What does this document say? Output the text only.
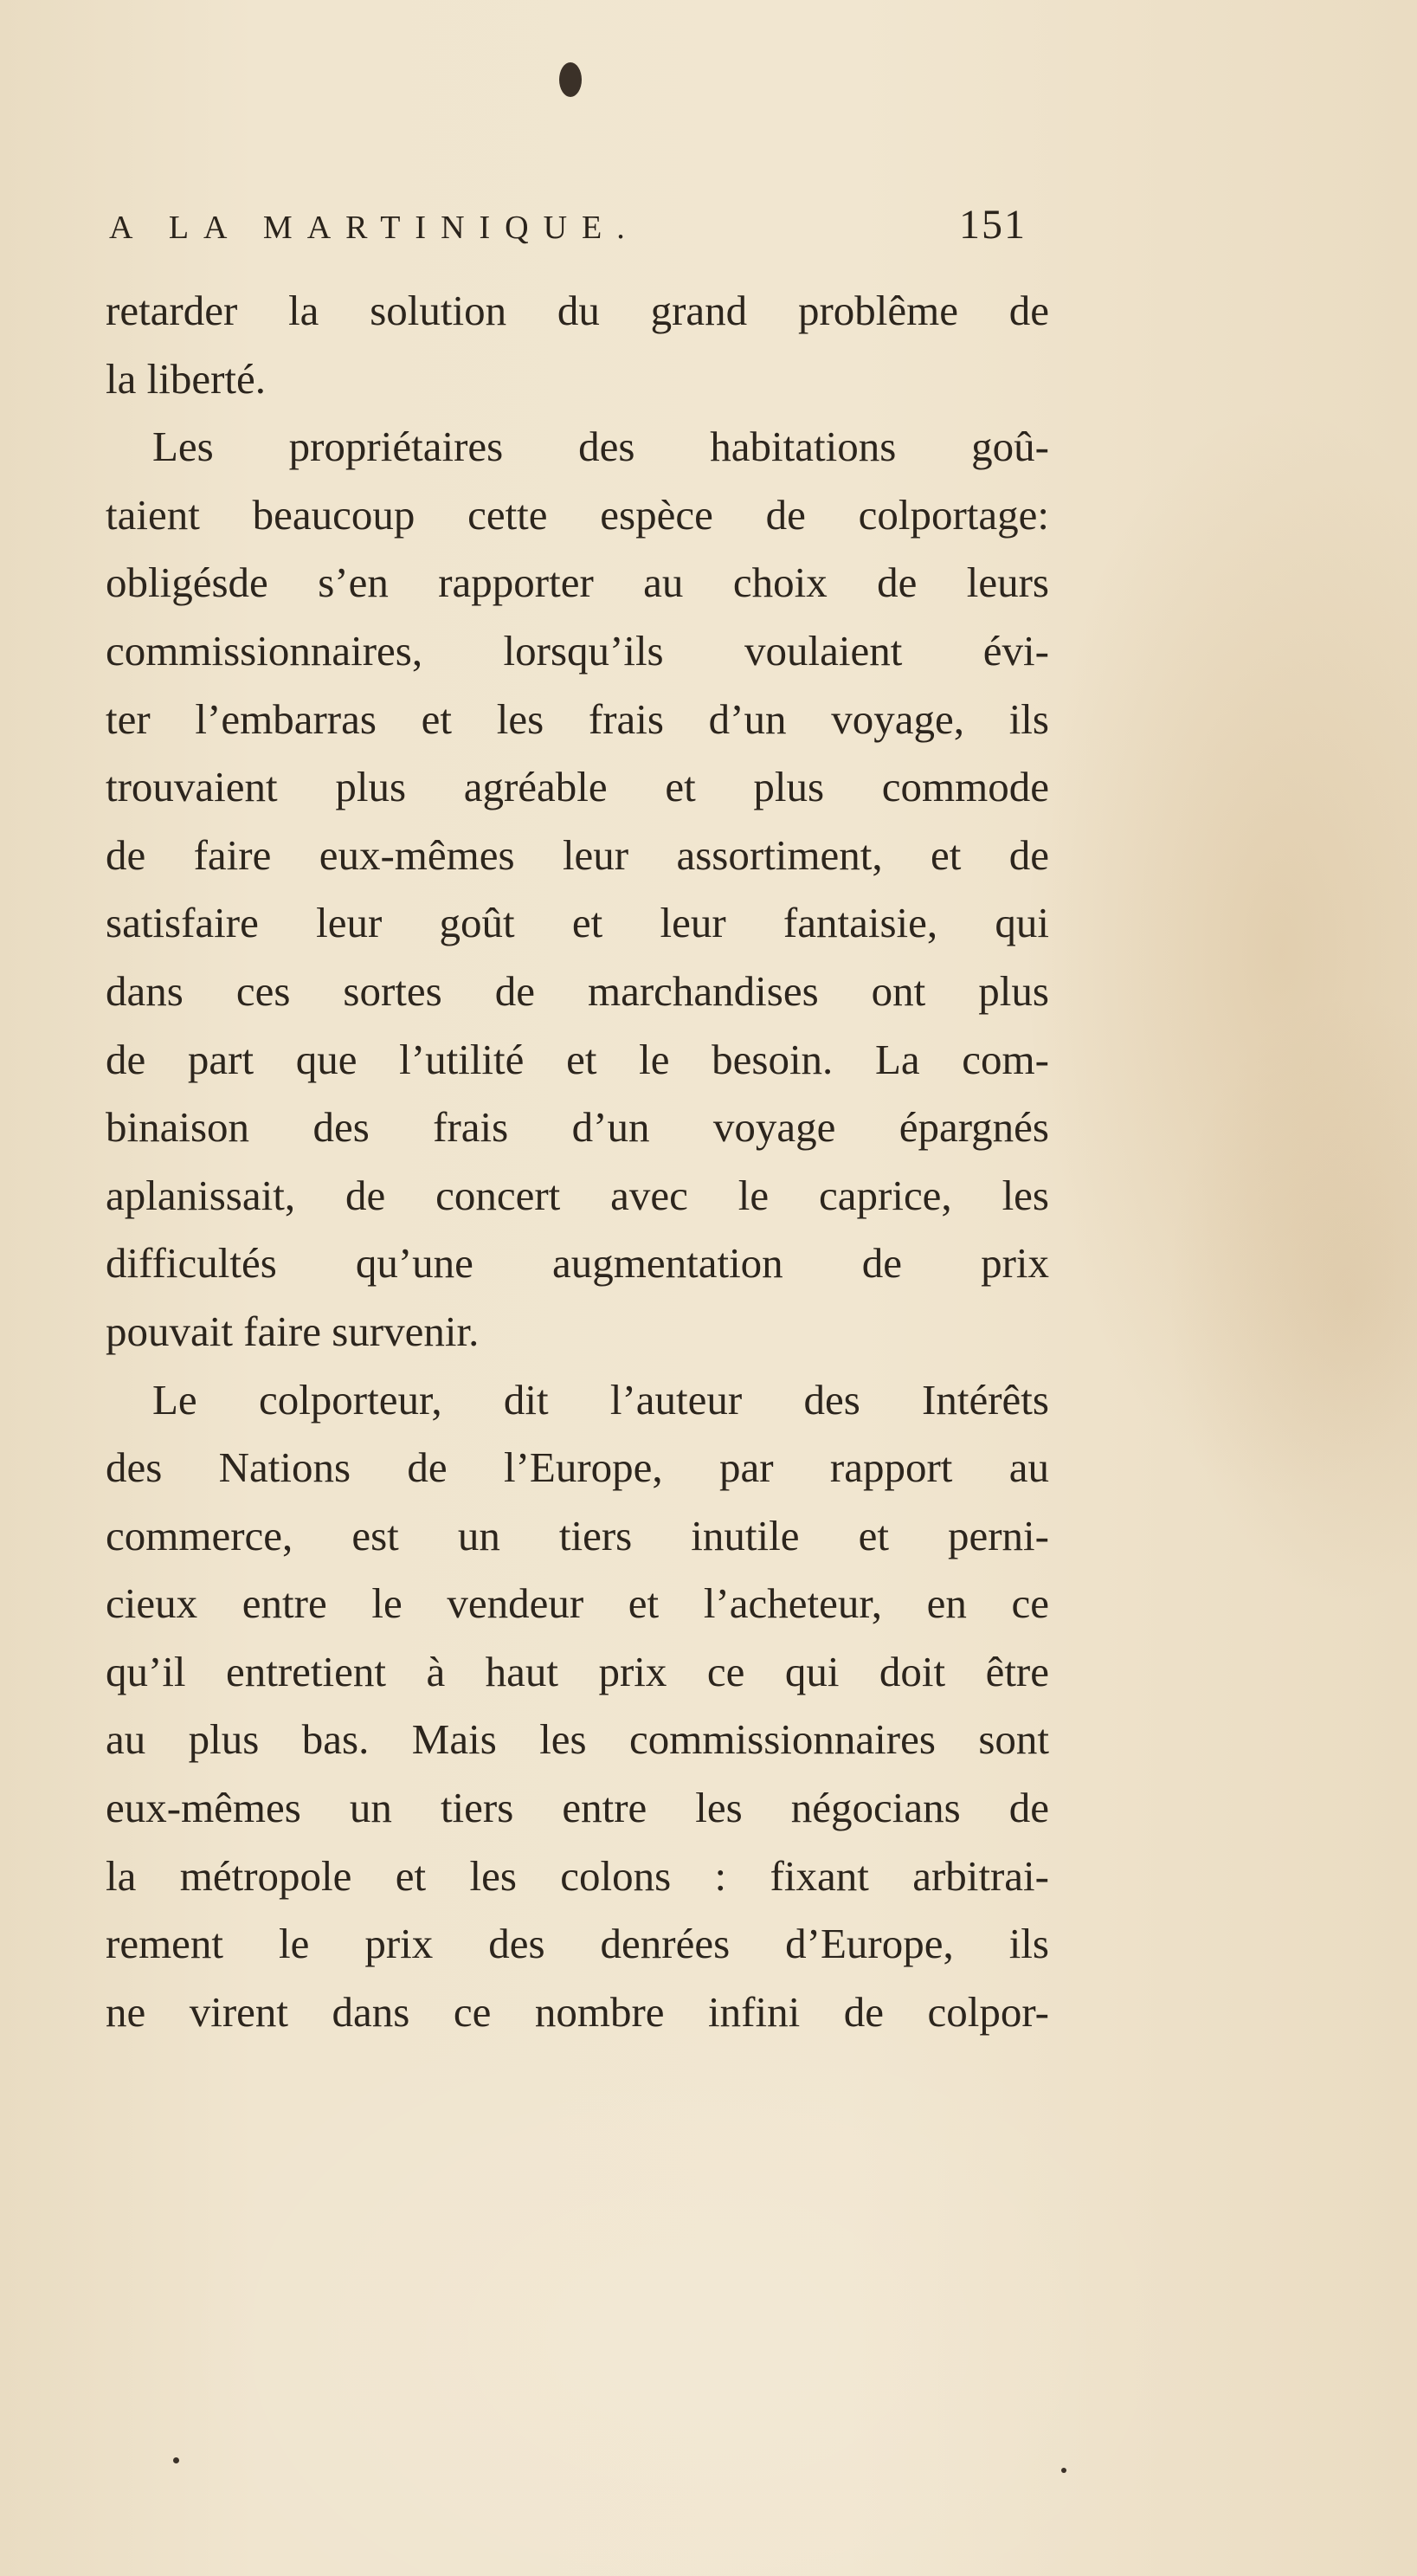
A LA MARTINIQUE.	151
retarder la solution du grand problême de
la liberté.
Les propriétaires des habitations goû-
taient beaucoup cette espèce de colportage:
obligésde s’en rapporter au choix de leurs
commissionnaires, lorsqu’ils voulaient évi-
ter l’embarras et les frais d’un voyage, ils
trouvaient plus agréable et plus commode
de faire eux-mêmes leur assortiment, et de
satisfaire leur goût et leur fantaisie, qui
dans ces sortes de marchandises ont plus
de part que l’utilité et le besoin. La com-
binaison des frais d’un voyage épargnés
aplanissait, de concert avec le caprice, les
difficultés qu’une augmentation de prix
pouvait faire survenir.
Le colporteur, dit l’auteur des Intérêts
des Nations de l’Europe, par rapport au
commerce, est un tiers inutile et perni-
cieux entre le vendeur et l’acheteur, en ce
qu’il entretient à haut prix ce qui doit être
au plus bas. Mais les commissionnaires sont
eux-mêmes un tiers entre les négocians de
la métropole et les colons : fixant arbitrai-
rement le prix des denrées d’Europe, ils
ne virent dans ce nombre infini de colpor-
